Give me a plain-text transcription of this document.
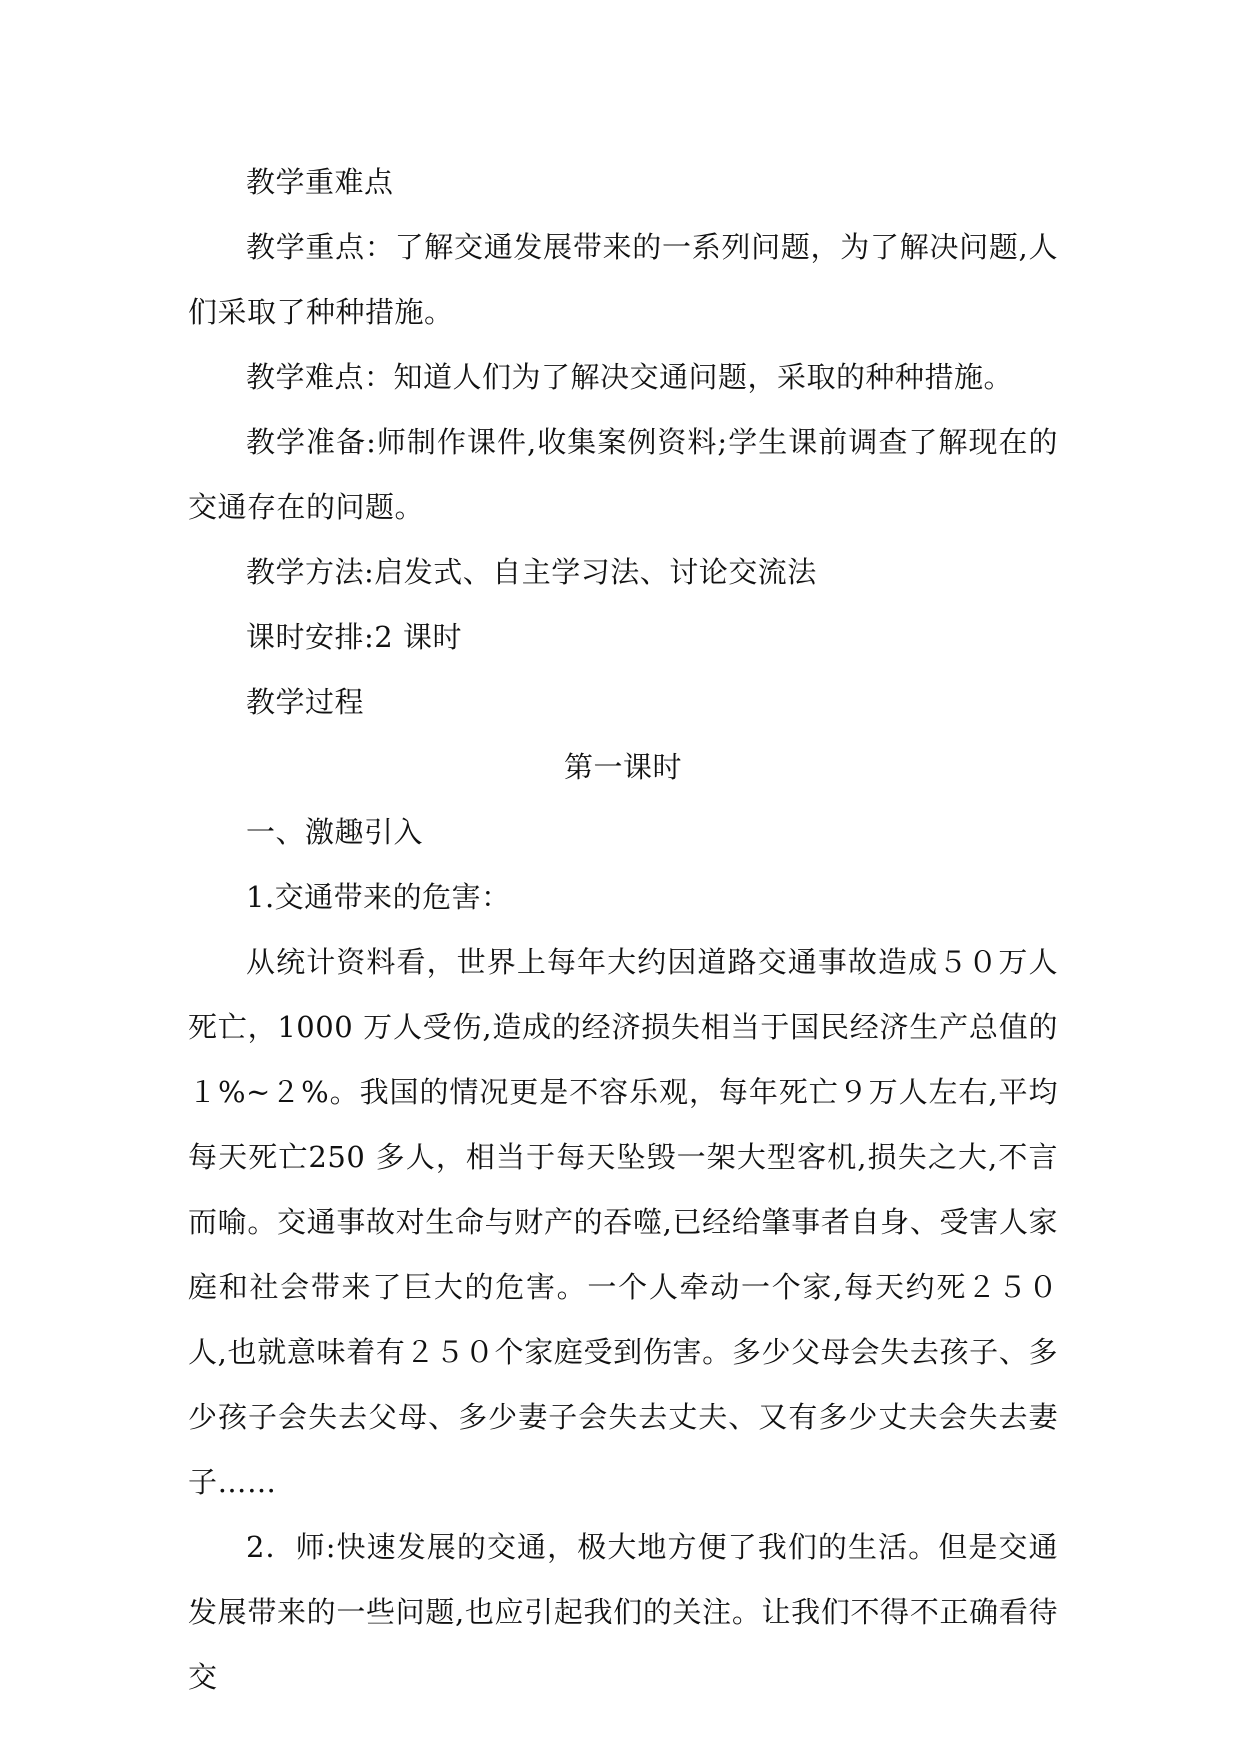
教学重难点

教学重点：了解交通发展带来的一系列问题，为了解决问题,人们采取了种种措施。

教学难点：知道人们为了解决交通问题，采取的种种措施。

教学准备:师制作课件,收集案例资料;学生课前调查了解现在的交通存在的问题。

教学方法:启发式、自主学习法、讨论交流法

课时安排:2 课时

教学过程

第一课时

一、激趣引入

1.交通带来的危害：

从统计资料看，世界上每年大约因道路交通事故造成５０万人死亡，1000 万人受伤,造成的经济损失相当于国民经济生产总值的１%~２%。我国的情况更是不容乐观，每年死亡９万人左右,平均每天死亡250 多人，相当于每天坠毁一架大型客机,损失之大,不言而喻。交通事故对生命与财产的吞噬,已经给肇事者自身、受害人家庭和社会带来了巨大的危害。一个人牵动一个家,每天约死２５０人,也就意味着有２５０个家庭受到伤害。多少父母会失去孩子、多少孩子会失去父母、多少妻子会失去丈夫、又有多少丈夫会失去妻子……

2．师:快速发展的交通，极大地方便了我们的生活。但是交通发展带来的一些问题,也应引起我们的关注。让我们不得不正确看待交
